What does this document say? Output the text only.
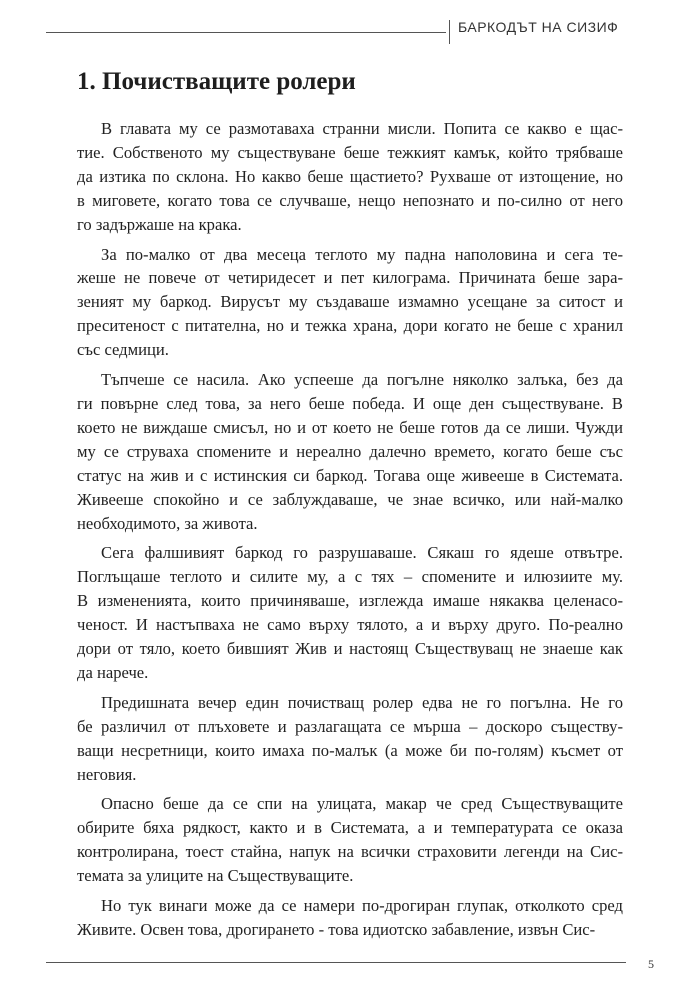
БАРКОДЪТ НА СИЗИФ
1. Почистващите ролери

В главата му се размотаваха странни мисли. Попита се какво е щас-
тие. Собственото му съществуване беше тежкият камък, който трябваше
да изтика по склона. Но какво беше щастието? Рухваше от изтощение, но
в миговете, когато това се случваше, нещо непознато и по-силно от него
го задържаше на крака.

За по-малко от два месеца теглото му падна наполовина и сега те-
жеше не повече от четиридесет и пет килограма. Причината беше зара-
зеният му баркод. Вирусът му създаваше измамно усещане за ситост и
преситеност с питателна, но и тежка храна, дори когато не беше с хранил
със седмици.

Тъпчеше се насила. Ако успееше да погълне няколко залъка, без да
ги повърне след това, за него беше победа. И още ден съществуване. В
което не виждаше смисъл, но и от което не беше готов да се лиши. Чужди
му се струваха спомените и нереално далечно времето, когато беше със
статус на жив и с истинския си баркод. Тогава още живееше в Системата.
Живееше спокойно и се заблуждаваше, че знае всичко, или най-малко
необходимото, за живота.

Сега фалшивият баркод го разрушаваше. Сякаш го ядеше отвътре.
Поглъщаше теглото и силите му, а с тях – спомените и илюзиите му.
В измененията, които причиняваше, изглежда имаше някаква целенасо-
ченост. И настъпваха не само върху тялото, а и върху друго. По-реално
дори от тяло, което бившият Жив и настоящ Съществуващ не знаеше как
да нарече.

Предишната вечер един почистващ ролер едва не го погълна. Не го
бе различил от плъховете и разлагащата се мърша – доскоро съществу-
ващи несретници, които имаха по-малък (а може би по-голям) късмет от
неговия.

Опасно беше да се спи на улицата, макар че сред Съществуващите
обирите бяха рядкост, както и в Системата, а и температурата се оказа
контролирана, тоест стайна, напук на всички страховити легенди на Сис-
темата за улиците на Съществуващите.

Но тук винаги може да се намери по-дрогиран глупак, отколкото сред
Живите. Освен това, дрогирането - това идиотско забавление, извън Сис-

5
